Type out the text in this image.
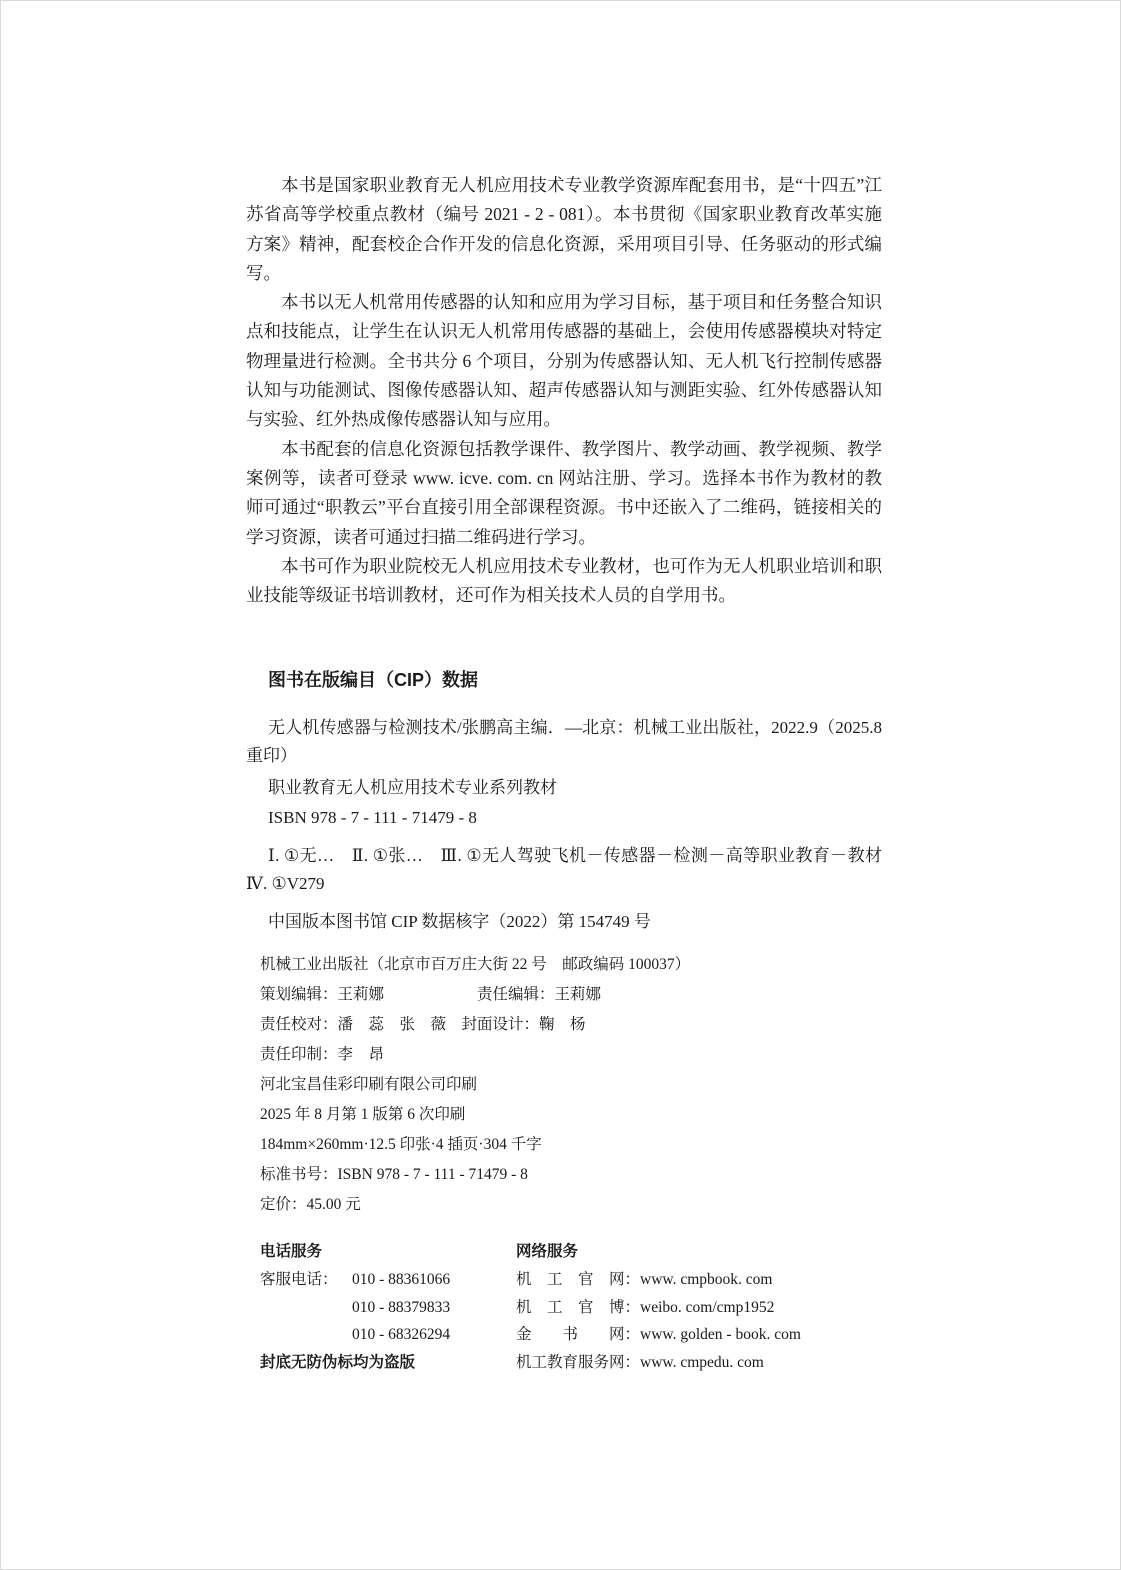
本书是国家职业教育无人机应用技术专业教学资源库配套用书，是“十四五”江苏省高等学校重点教材（编号 2021 - 2 - 081）。本书贯彻《国家职业教育改革实施方案》精神，配套校企合作开发的信息化资源，采用项目引导、任务驱动的形式编写。

本书以无人机常用传感器的认知和应用为学习目标，基于项目和任务整合知识点和技能点，让学生在认识无人机常用传感器的基础上，会使用传感器模块对特定物理量进行检测。全书共分 6 个项目，分别为传感器认知、无人机飞行控制传感器认知与功能测试、图像传感器认知、超声传感器认知与测距实验、红外传感器认知与实验、红外热成像传感器认知与应用。

本书配套的信息化资源包括教学课件、教学图片、教学动画、教学视频、教学案例等，读者可登录 www. icve. com. cn 网站注册、学习。选择本书作为教材的教师可通过“职教云”平台直接引用全部课程资源。书中还嵌入了二维码，链接相关的学习资源，读者可通过扫描二维码进行学习。

本书可作为职业院校无人机应用技术专业教材，也可作为无人机职业培训和职业技能等级证书培训教材，还可作为相关技术人员的自学用书。

图书在版编目（CIP）数据

无人机传感器与检测技术/张鹏高主编．—北京：机械工业出版社，2022.9（2025.8 重印）

职业教育无人机应用技术专业系列教材

ISBN 978 - 7 - 111 - 71479 - 8

Ⅰ. ①无…　Ⅱ. ①张…　Ⅲ. ①无人驾驶飞机－传感器－检测－高等职业教育－教材　Ⅳ. ①V279

中国版本图书馆 CIP 数据核字（2022）第 154749 号

机械工业出版社（北京市百万庄大街 22 号　邮政编码 100037）
策划编辑：王莉娜　　　　　　责任编辑：王莉娜
责任校对：潘　蕊　张　薇　封面设计：鞠　杨
责任印制：李　昂
河北宝昌佳彩印刷有限公司印刷
2025 年 8 月第 1 版第 6 次印刷
184mm×260mm·12.5 印张·4 插页·304 千字
标准书号：ISBN 978 - 7 - 111 - 71479 - 8
定价：45.00 元
电话服务
客服电话： 010 - 88361066
010 - 88379833
010 - 68326294
封底无防伪标均为盗版
网络服务
机　工　官　网： www. cmpbook. com
机　工　官　博： weibo. com/cmp1952
金　　书　　网： www. golden - book. com
机工教育服务网： www. cmpedu. com
